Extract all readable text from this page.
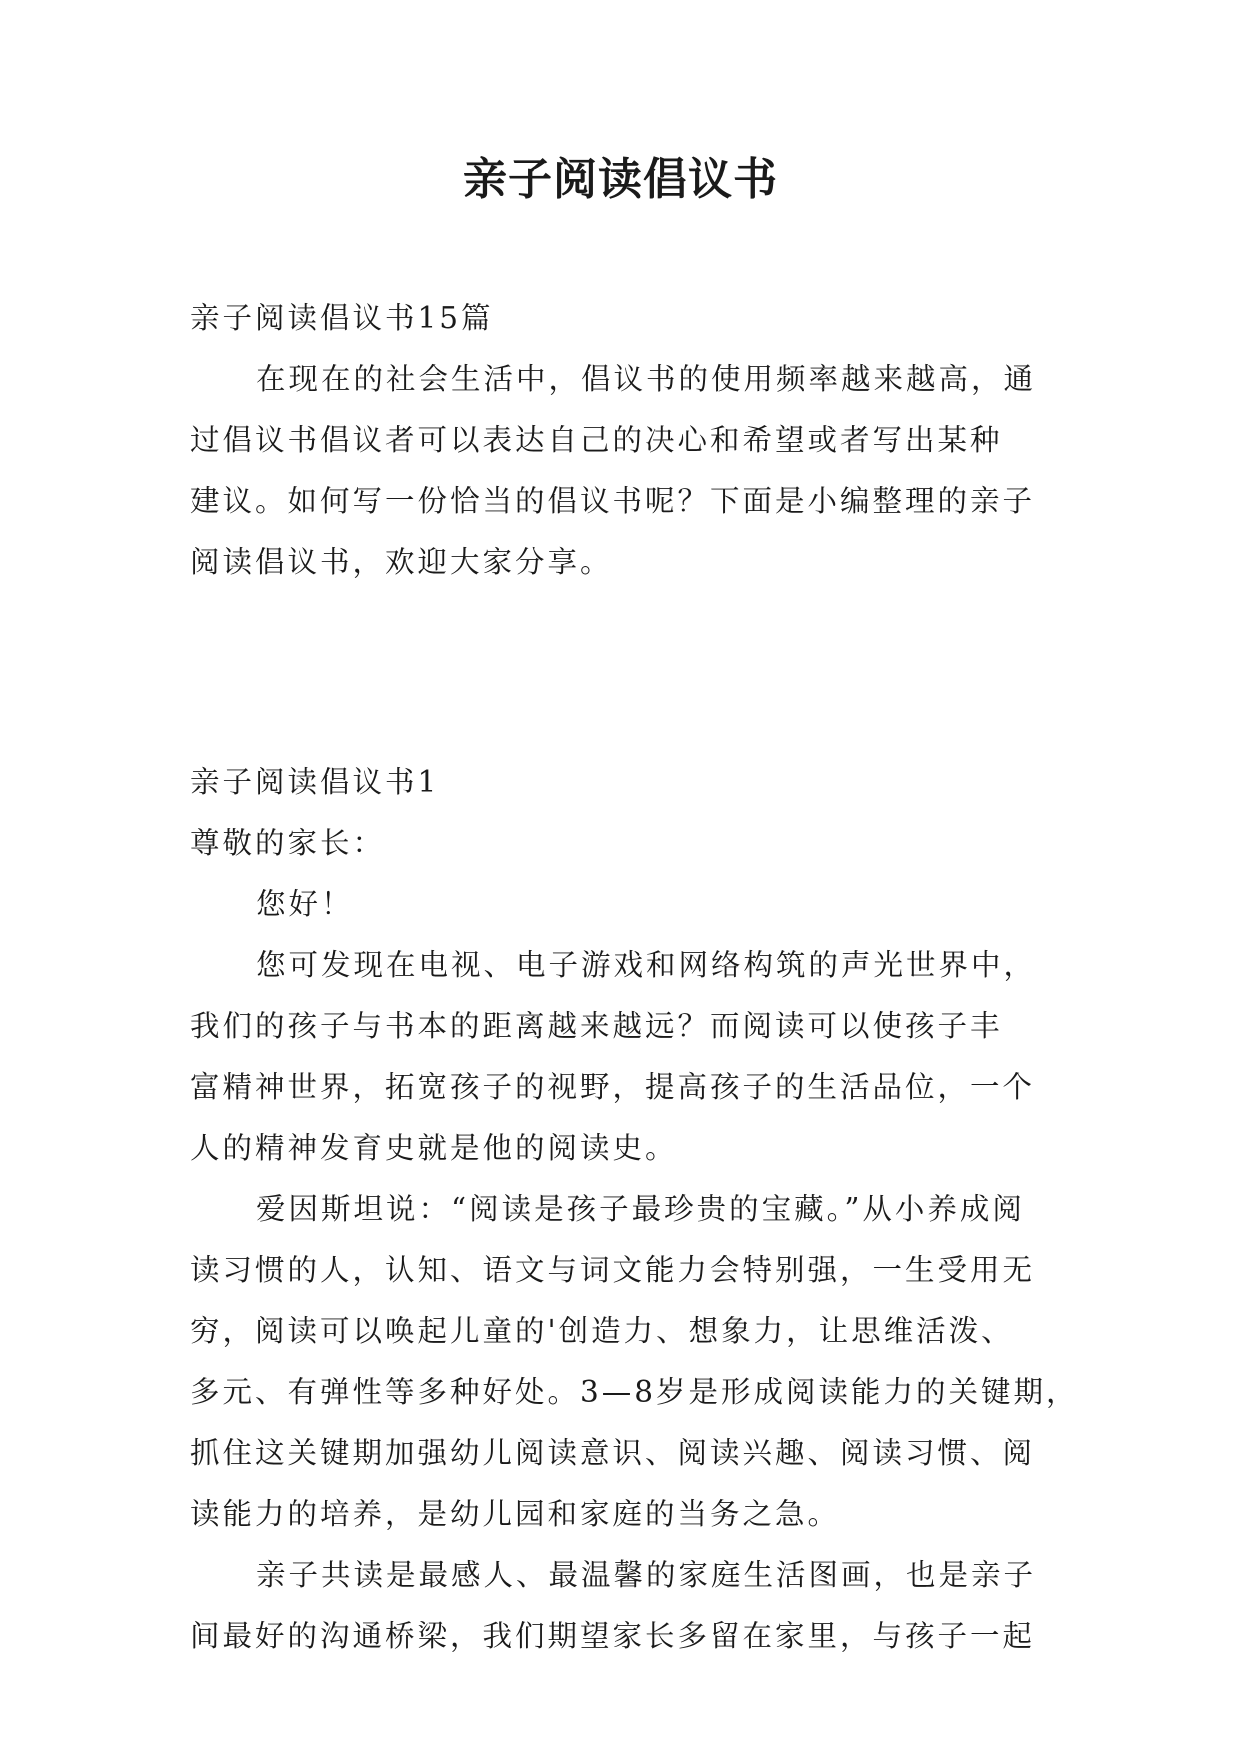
亲子阅读倡议书
亲子阅读倡议书15篇
在现在的社会生活中，倡议书的使用频率越来越高，通
过倡议书倡议者可以表达自己的决心和希望或者写出某种
建议。如何写一份恰当的倡议书呢？下面是小编整理的亲子
阅读倡议书，欢迎大家分享。
亲子阅读倡议书1
尊敬的家长：
您好！
您可发现在电视、电子游戏和网络构筑的声光世界中，
我们的孩子与书本的距离越来越远？而阅读可以使孩子丰
富精神世界，拓宽孩子的视野，提高孩子的生活品位，一个
人的精神发育史就是他的阅读史。
爱因斯坦说：“阅读是孩子最珍贵的宝藏。”从小养成阅
读习惯的人，认知、语文与词文能力会特别强，一生受用无
穷，阅读可以唤起儿童的'创造力、想象力，让思维活泼、
多元、有弹性等多种好处。3—8岁是形成阅读能力的关键期，
抓住这关键期加强幼儿阅读意识、阅读兴趣、阅读习惯、阅
读能力的培养，是幼儿园和家庭的当务之急。
亲子共读是最感人、最温馨的家庭生活图画，也是亲子
间最好的沟通桥梁，我们期望家长多留在家里，与孩子一起
